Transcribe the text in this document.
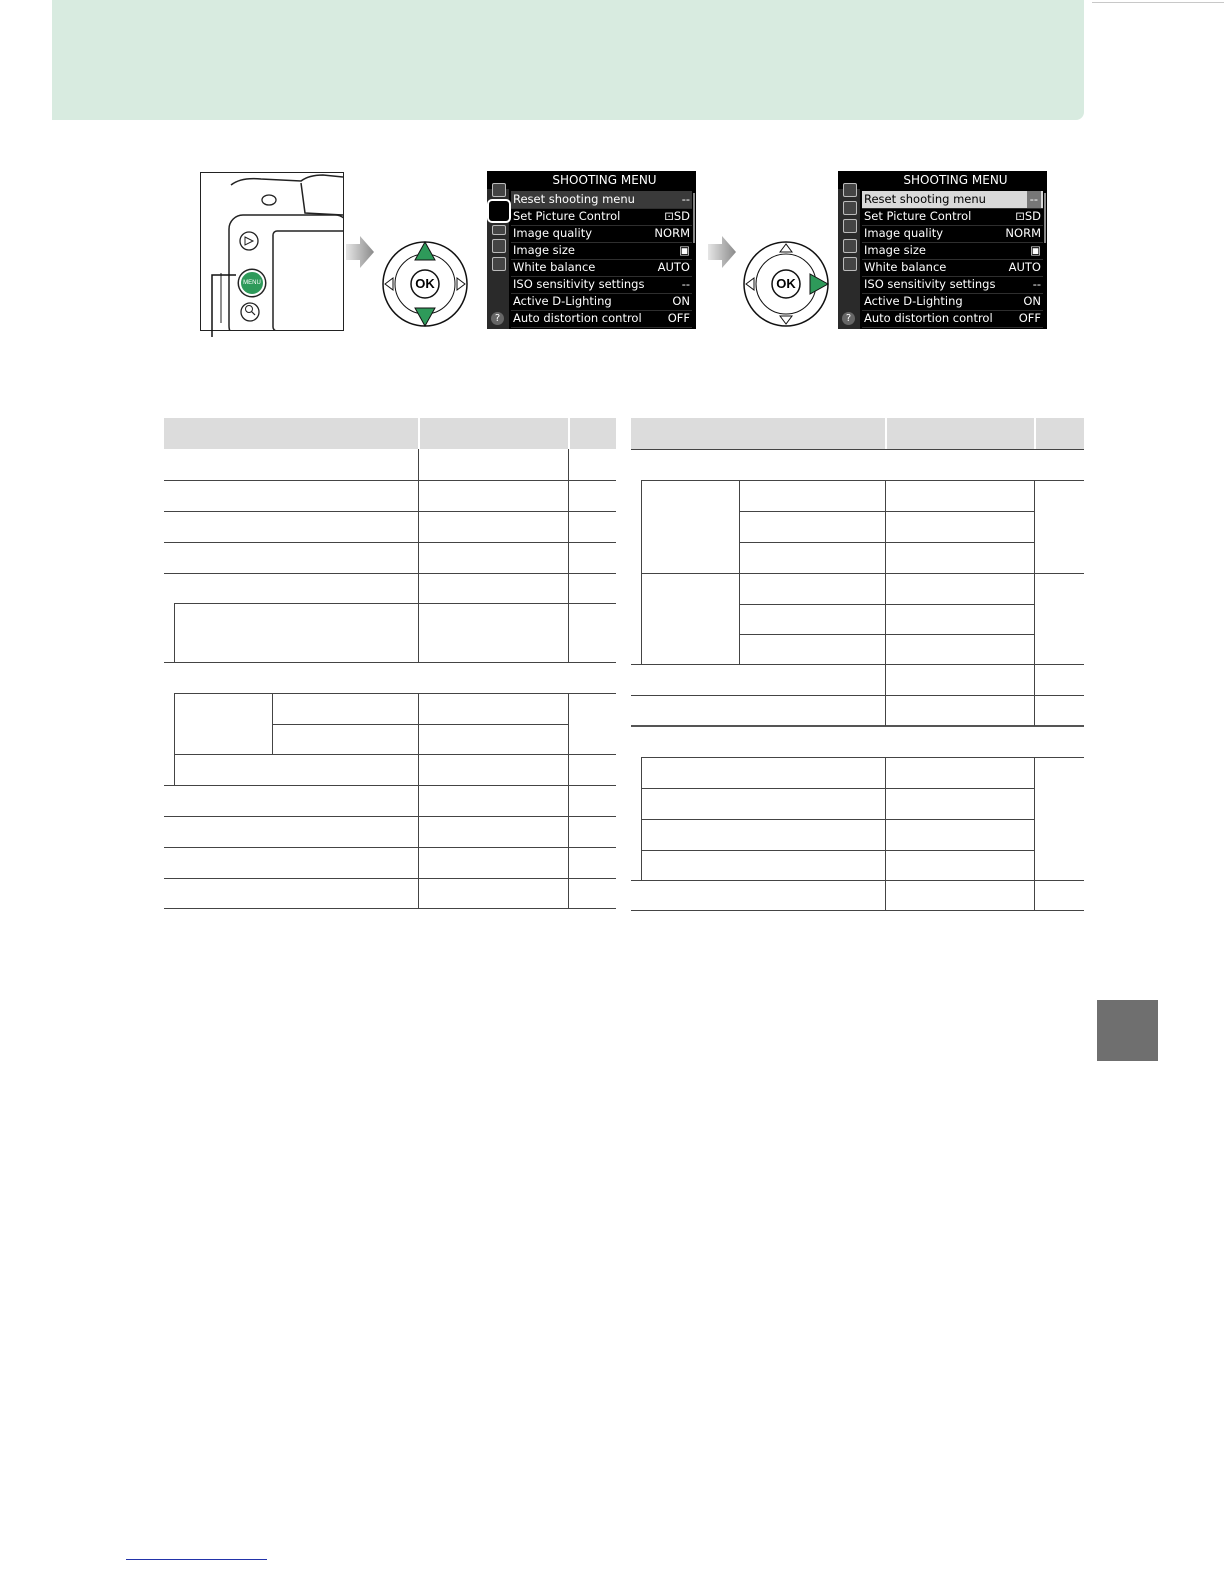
MENU	OK
SHOOTING MENU
?
Reset shooting menu	--
Set Picture Control	⊡SD
Image quality	NORM
Image size	▣
White balance	AUTO
ISO sensitivity settings	--
Active D-Lighting	ON
Auto distortion control OFF
OK
SHOOTING MENU
?
Reset shooting menu	--
Set Picture Control	⊡SD
Image quality	NORM
Image size	▣
White balance	AUTO
ISO sensitivity settings	--
Active D-Lighting	ON
Auto distortion control OFF
